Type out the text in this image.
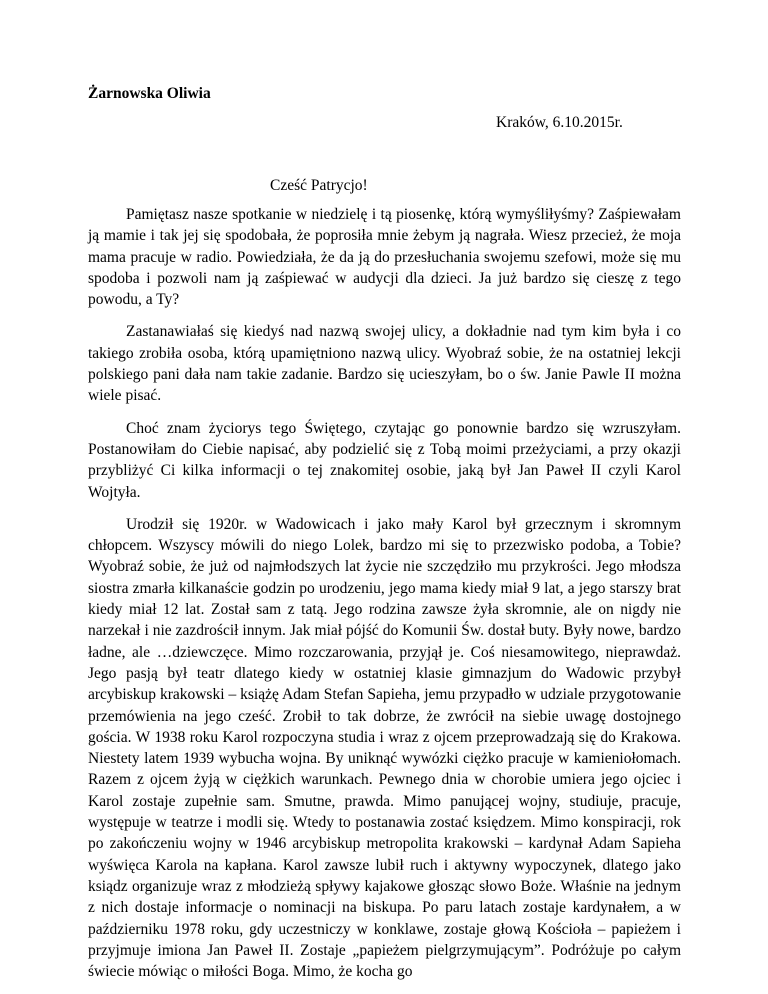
Żarnowska Oliwia

Kraków, 6.10.2015r.

Cześć Patrycjo!

Pamiętasz nasze spotkanie w niedzielę i tą piosenkę, którą wymyśliłyśmy? Zaśpiewałam ją mamie i tak jej się spodobała, że poprosiła mnie żebym ją nagrała. Wiesz przecież, że moja mama pracuje w radio. Powiedziała, że da ją do przesłuchania swojemu szefowi, może się mu spodoba i pozwoli nam ją zaśpiewać w audycji dla dzieci. Ja już bardzo się cieszę z tego powodu, a Ty?

Zastanawiałaś się kiedyś nad nazwą swojej ulicy, a dokładnie nad tym kim była i co takiego zrobiła osoba, którą upamiętniono nazwą ulicy. Wyobraź sobie, że na ostatniej lekcji polskiego pani dała nam takie zadanie. Bardzo się ucieszyłam, bo o św. Janie Pawle II można wiele pisać.

Choć znam życiorys tego Świętego, czytając go ponownie bardzo się wzruszyłam. Postanowiłam do Ciebie napisać, aby podzielić się z Tobą moimi przeżyciami, a przy okazji przybliżyć Ci kilka informacji o tej znakomitej osobie, jaką był Jan Paweł II czyli Karol Wojtyła.

Urodził się 1920r. w Wadowicach i jako mały Karol był grzecznym i skromnym chłopcem. Wszyscy mówili do niego Lolek, bardzo mi się to przezwisko podoba, a Tobie? Wyobraź sobie, że już od najmłodszych lat życie nie szczędziło mu przykrości. Jego młodsza siostra zmarła kilkanaście godzin po urodzeniu, jego mama kiedy miał 9 lat, a jego starszy brat kiedy miał 12 lat. Został sam z tatą. Jego rodzina zawsze żyła skromnie, ale on nigdy nie narzekał i nie zazdrościł innym. Jak miał pójść do Komunii Św. dostał buty. Były nowe, bardzo ładne, ale …dziewczęce. Mimo rozczarowania, przyjął je. Coś niesamowitego, nieprawdaż. Jego pasją był teatr dlatego kiedy w ostatniej klasie gimnazjum do Wadowic przybył arcybiskup krakowski – książę Adam Stefan Sapieha, jemu przypadło w udziale przygotowanie przemówienia na jego cześć. Zrobił to tak dobrze, że zwrócił na siebie uwagę dostojnego gościa. W 1938 roku Karol rozpoczyna studia i wraz z ojcem przeprowadzają się do Krakowa. Niestety latem 1939 wybucha wojna. By uniknąć wywózki ciężko pracuje w kamieniołomach. Razem z ojcem żyją w ciężkich warunkach. Pewnego dnia w chorobie umiera jego ojciec i Karol zostaje zupełnie sam. Smutne, prawda. Mimo panującej wojny, studiuje, pracuje, występuje w teatrze i modli się. Wtedy to postanawia zostać księdzem. Mimo konspiracji, rok po zakończeniu wojny w 1946 arcybiskup metropolita krakowski – kardynał Adam Sapieha wyświęca Karola na kapłana. Karol zawsze lubił ruch i aktywny wypoczynek, dlatego jako ksiądz organizuje wraz z młodzieżą spływy kajakowe głosząc słowo Boże. Właśnie na jednym z nich dostaje informacje o nominacji na biskupa. Po paru latach zostaje kardynałem, a w październiku 1978 roku, gdy uczestniczy w konklawe, zostaje głową Kościoła – papieżem i przyjmuje imiona Jan Paweł II. Zostaje „papieżem pielgrzymującym”. Podróżuje po całym świecie mówiąc o miłości Boga. Mimo, że kocha go
